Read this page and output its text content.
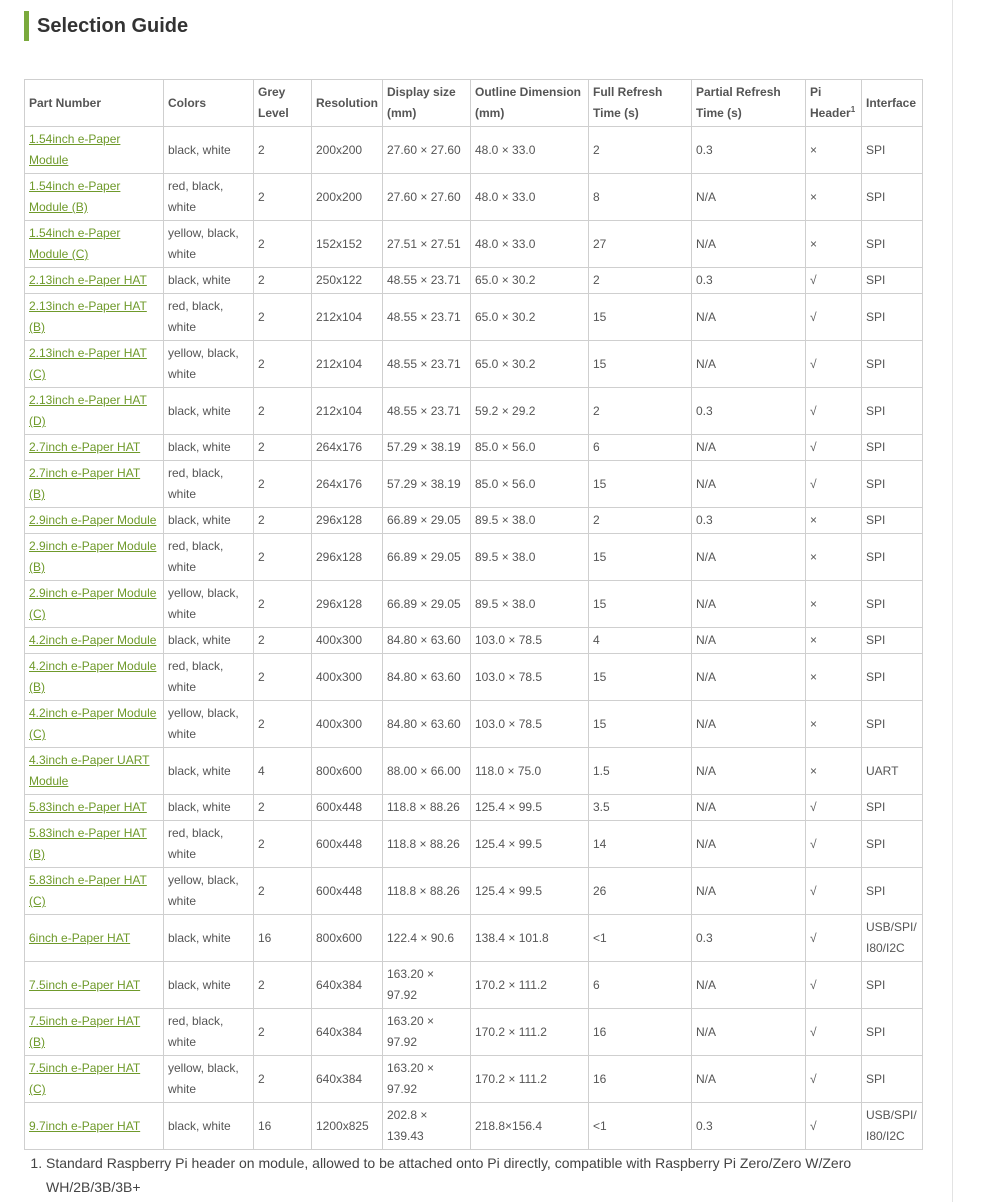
Selection Guide
Part Number	Colors	Grey Level	Resolution	Display size (mm)	Outline Dimension (mm)	Full Refresh Time (s)	Partial Refresh Time (s)	Pi Header$^1$	Interface
1.54inch e-Paper Module	black, white	2	200x200	27.60 × 27.60	48.0 × 33.0	2	0.3	×	SPI
1.54inch e-Paper Module (B)	red, black, white	2	200x200	27.60 × 27.60	48.0 × 33.0	8	N/A	×	SPI
1.54inch e-Paper Module (C)	yellow, black, white	2	152x152	27.51 × 27.51	48.0 × 33.0	27	N/A	×	SPI
2.13inch e-Paper HAT	black, white	2	250x122	48.55 × 23.71	65.0 × 30.2	2	0.3	√	SPI
2.13inch e-Paper HAT (B)	red, black, white	2	212x104	48.55 × 23.71	65.0 × 30.2	15	N/A	√	SPI
2.13inch e-Paper HAT (C)	yellow, black, white	2	212x104	48.55 × 23.71	65.0 × 30.2	15	N/A	√	SPI
2.13inch e-Paper HAT (D)	black, white	2	212x104	48.55 × 23.71	59.2 × 29.2	2	0.3	√	SPI
2.7inch e-Paper HAT	black, white	2	264x176	57.29 × 38.19	85.0 × 56.0	6	N/A	√	SPI
2.7inch e-Paper HAT (B)	red, black, white	2	264x176	57.29 × 38.19	85.0 × 56.0	15	N/A	√	SPI
2.9inch e-Paper Module	black, white	2	296x128	66.89 × 29.05	89.5 × 38.0	2	0.3	×	SPI
2.9inch e-Paper Module (B)	red, black, white	2	296x128	66.89 × 29.05	89.5 × 38.0	15	N/A	×	SPI
2.9inch e-Paper Module (C)	yellow, black, white	2	296x128	66.89 × 29.05	89.5 × 38.0	15	N/A	×	SPI
4.2inch e-Paper Module	black, white	2	400x300	84.80 × 63.60	103.0 × 78.5	4	N/A	×	SPI
4.2inch e-Paper Module (B)	red, black, white	2	400x300	84.80 × 63.60	103.0 × 78.5	15	N/A	×	SPI
4.2inch e-Paper Module (C)	yellow, black, white	2	400x300	84.80 × 63.60	103.0 × 78.5	15	N/A	×	SPI
4.3inch e-Paper UART Module	black, white	4	800x600	88.00 × 66.00	118.0 × 75.0	1.5	N/A	×	UART
5.83inch e-Paper HAT	black, white	2	600x448	118.8 × 88.26	125.4 × 99.5	3.5	N/A	√	SPI
5.83inch e-Paper HAT (B)	red, black, white	2	600x448	118.8 × 88.26	125.4 × 99.5	14	N/A	√	SPI
5.83inch e-Paper HAT (C)	yellow, black, white	2	600x448	118.8 × 88.26	125.4 × 99.5	26	N/A	√	SPI
6inch e-Paper HAT	black, white	16	800x600	122.4 × 90.6	138.4 × 101.8	<1	0.3	√	USB/SPI/ I80/I2C
7.5inch e-Paper HAT	black, white	2	640x384	163.20 × 97.92	170.2 × 111.2	6	N/A	√	SPI
7.5inch e-Paper HAT (B)	red, black, white	2	640x384	163.20 × 97.92	170.2 × 111.2	16	N/A	√	SPI
7.5inch e-Paper HAT (C)	yellow, black, white	2	640x384	163.20 × 97.92	170.2 × 111.2	16	N/A	√	SPI
9.7inch e-Paper HAT	black, white	16	1200x825	202.8 × 139.43	218.8×156.4	<1	0.3	√	USB/SPI/ I80/I2C
1. Standard Raspberry Pi header on module, allowed to be attached onto Pi directly, compatible with Raspberry Pi Zero/Zero W/Zero WH/2B/3B/3B+
